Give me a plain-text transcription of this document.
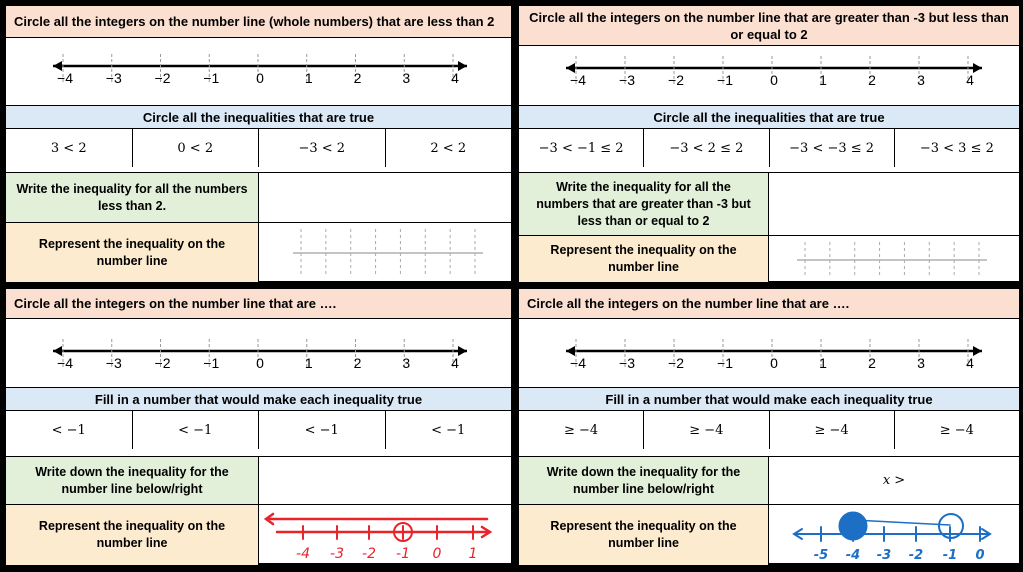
Circle all the integers on the number line (whole numbers) that are less than 2
−4 −3 −2 −1	0	1	2	3	4
Circle all the inequalities that are true
3 < 2	0 < 2	−3 < 2	2 < 2
Write the inequality for all the numbers less than 2.
Represent the inequality on the number line
Circle all the integers on the number line that are greater than -3 but less than or equal to 2
−4 −3 −2 −1	0	1	2	3	4
Circle all the inequalities that are true
−3 < −1 ≤ 2	−3 < 2 ≤ 2	−3 < −3 ≤ 2	−3 < 3 ≤ 2
Write the inequality for all the numbers that are greater than -3 but less than or equal to 2
Represent the inequality on the number line
Circle all the integers on the number line that are ….
−4 −3 −2 −1	0	1	2	3	4
Fill in a number that would make each inequality true
< −1	< −1	< −1	< −1
Write down the inequality for the number line below/right
Represent the inequality on the number line
-4 -3 -2 -1 0 1
Circle all the integers on the number line that are ….
−4 −3 −2 −1	0	1	2	3	4
Fill in a number that would make each inequality true
≥ −4	≥ −4	≥ −4	≥ −4
Write down the inequality for the number line below/right
x >
Represent the inequality on the number line
-5 -4 -3 -2 -1 0
